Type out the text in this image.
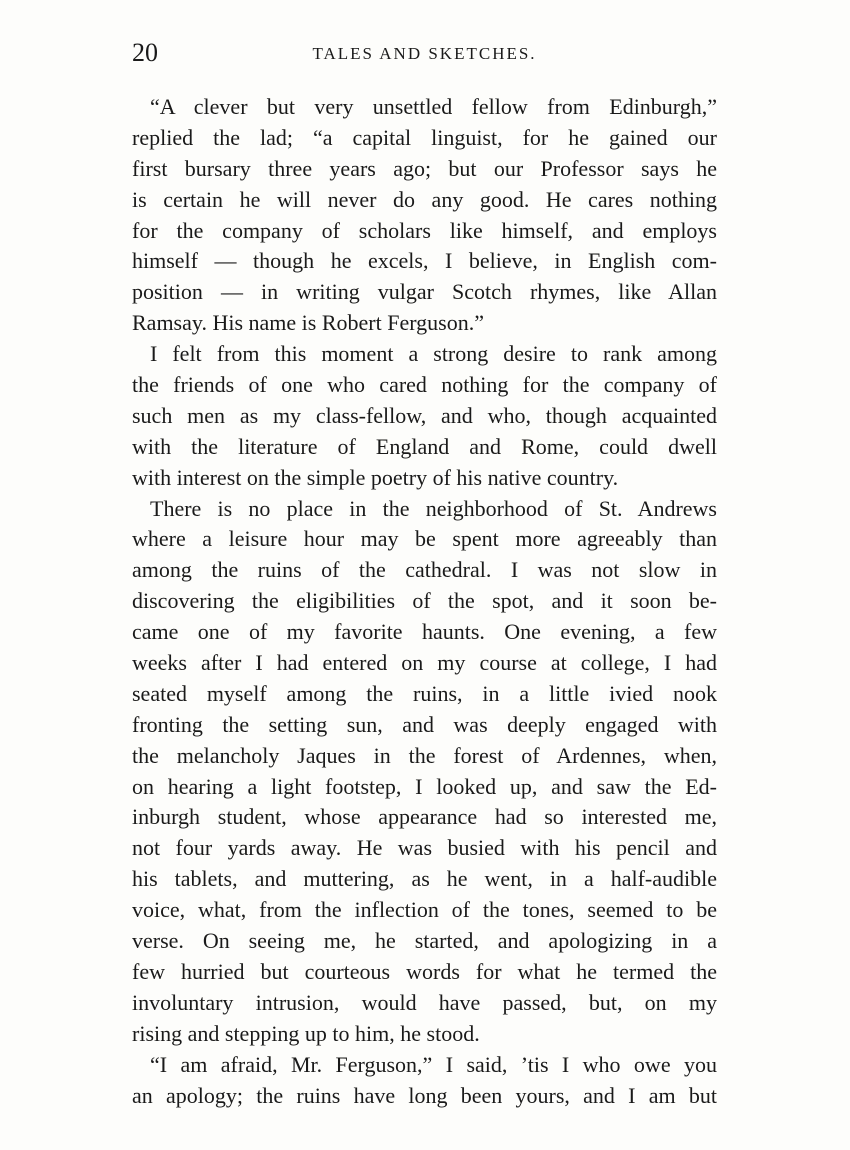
20	TALES AND SKETCHES.
“A clever but very unsettled fellow from Edinburgh,”
replied the lad; “a capital linguist, for he gained our
first bursary three years ago; but our Professor says he
is certain he will never do any good. He cares nothing
for the company of scholars like himself, and employs
himself — though he excels, I believe, in English com-
position — in writing vulgar Scotch rhymes, like Allan
Ramsay. His name is Robert Ferguson.”
I felt from this moment a strong desire to rank among
the friends of one who cared nothing for the company of
such men as my class-fellow, and who, though acquainted
with the literature of England and Rome, could dwell
with interest on the simple poetry of his native country.
There is no place in the neighborhood of St. Andrews
where a leisure hour may be spent more agreeably than
among the ruins of the cathedral. I was not slow in
discovering the eligibilities of the spot, and it soon be-
came one of my favorite haunts. One evening, a few
weeks after I had entered on my course at college, I had
seated myself among the ruins, in a little ivied nook
fronting the setting sun, and was deeply engaged with
the melancholy Jaques in the forest of Ardennes, when,
on hearing a light footstep, I looked up, and saw the Ed-
inburgh student, whose appearance had so interested me,
not four yards away. He was busied with his pencil and
his tablets, and muttering, as he went, in a half-audible
voice, what, from the inflection of the tones, seemed to be
verse. On seeing me, he started, and apologizing in a
few hurried but courteous words for what he termed the
involuntary intrusion, would have passed, but, on my
rising and stepping up to him, he stood.
“I am afraid, Mr. Ferguson,” I said, ’tis I who owe you
an apology; the ruins have long been yours, and I am but
